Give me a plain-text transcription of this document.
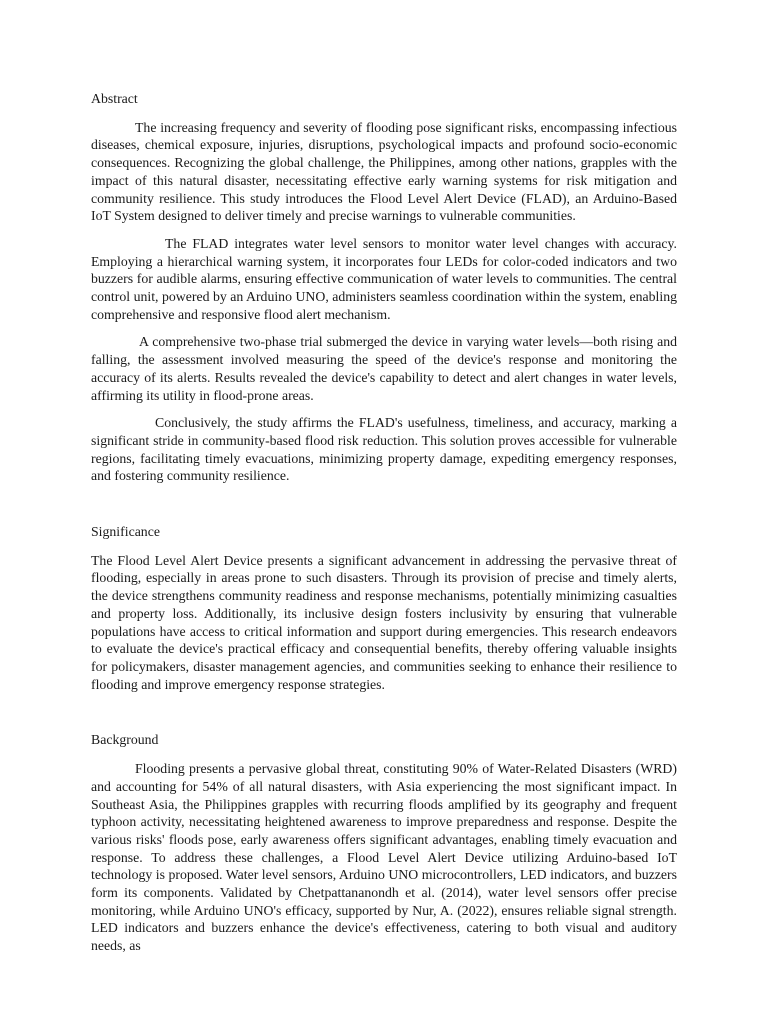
Abstract

The increasing frequency and severity of flooding pose significant risks, encompassing infectious diseases, chemical exposure, injuries, disruptions, psychological impacts and profound socio-economic consequences. Recognizing the global challenge, the Philippines, among other nations, grapples with the impact of this natural disaster, necessitating effective early warning systems for risk mitigation and community resilience. This study introduces the Flood Level Alert Device (FLAD), an Arduino-Based IoT System designed to deliver timely and precise warnings to vulnerable communities.

The FLAD integrates water level sensors to monitor water level changes with accuracy. Employing a hierarchical warning system, it incorporates four LEDs for color-coded indicators and two buzzers for audible alarms, ensuring effective communication of water levels to communities. The central control unit, powered by an Arduino UNO, administers seamless coordination within the system, enabling comprehensive and responsive flood alert mechanism.

A comprehensive two-phase trial submerged the device in varying water levels—both rising and falling, the assessment involved measuring the speed of the device's response and monitoring the accuracy of its alerts. Results revealed the device's capability to detect and alert changes in water levels, affirming its utility in flood-prone areas.

Conclusively, the study affirms the FLAD's usefulness, timeliness, and accuracy, marking a significant stride in community-based flood risk reduction. This solution proves accessible for vulnerable regions, facilitating timely evacuations, minimizing property damage, expediting emergency responses, and fostering community resilience.

Significance

The Flood Level Alert Device presents a significant advancement in addressing the pervasive threat of flooding, especially in areas prone to such disasters. Through its provision of precise and timely alerts, the device strengthens community readiness and response mechanisms, potentially minimizing casualties and property loss. Additionally, its inclusive design fosters inclusivity by ensuring that vulnerable populations have access to critical information and support during emergencies. This research endeavors to evaluate the device's practical efficacy and consequential benefits, thereby offering valuable insights for policymakers, disaster management agencies, and communities seeking to enhance their resilience to flooding and improve emergency response strategies.

Background

Flooding presents a pervasive global threat, constituting 90% of Water-Related Disasters (WRD) and accounting for 54% of all natural disasters, with Asia experiencing the most significant impact. In Southeast Asia, the Philippines grapples with recurring floods amplified by its geography and frequent typhoon activity, necessitating heightened awareness to improve preparedness and response. Despite the various risks' floods pose, early awareness offers significant advantages, enabling timely evacuation and response. To address these challenges, a Flood Level Alert Device utilizing Arduino-based IoT technology is proposed. Water level sensors, Arduino UNO microcontrollers, LED indicators, and buzzers form its components. Validated by Chetpattananondh et al. (2014), water level sensors offer precise monitoring, while Arduino UNO's efficacy, supported by Nur, A. (2022), ensures reliable signal strength. LED indicators and buzzers enhance the device's effectiveness, catering to both visual and auditory needs, as
